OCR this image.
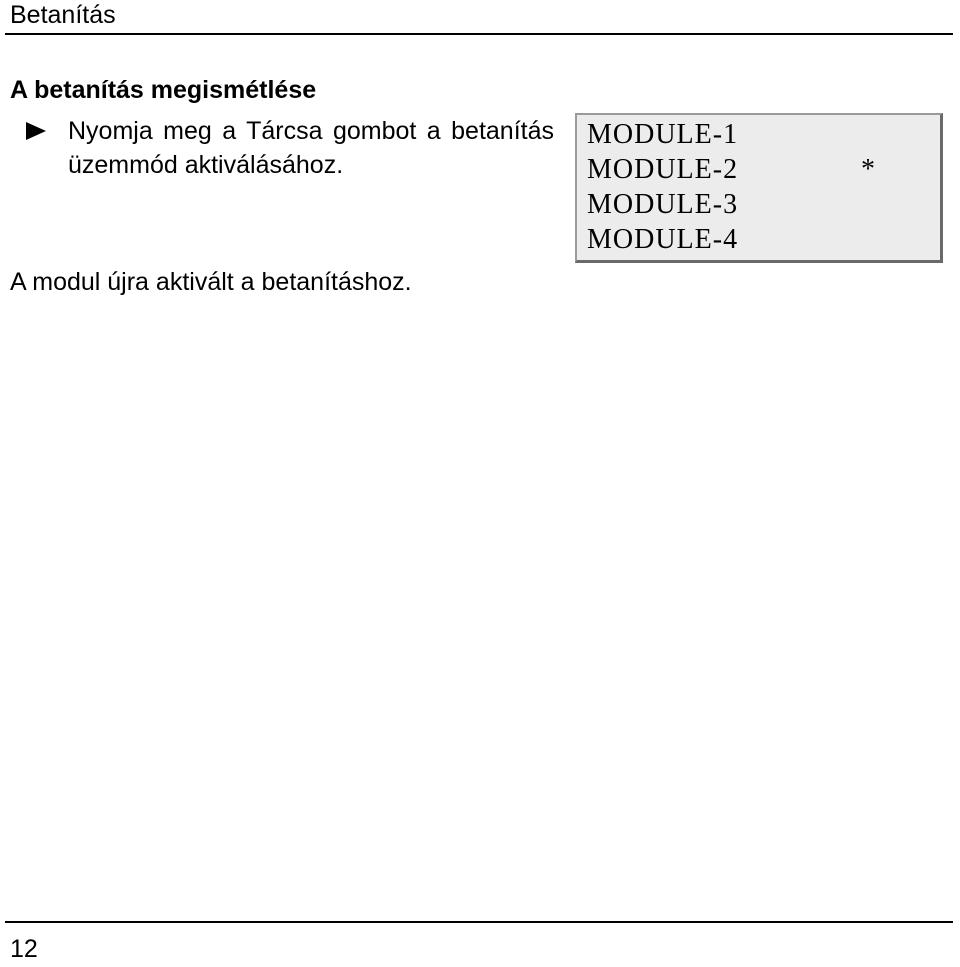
Betanítás
A betanítás megismétlése
Nyomja meg a Tárcsa gombot a betanítás üzemmód aktiválásához.
A modul újra aktivált a betanításhoz.
MODULE-1
MODULE-2	*
MODULE-3
MODULE-4
12
